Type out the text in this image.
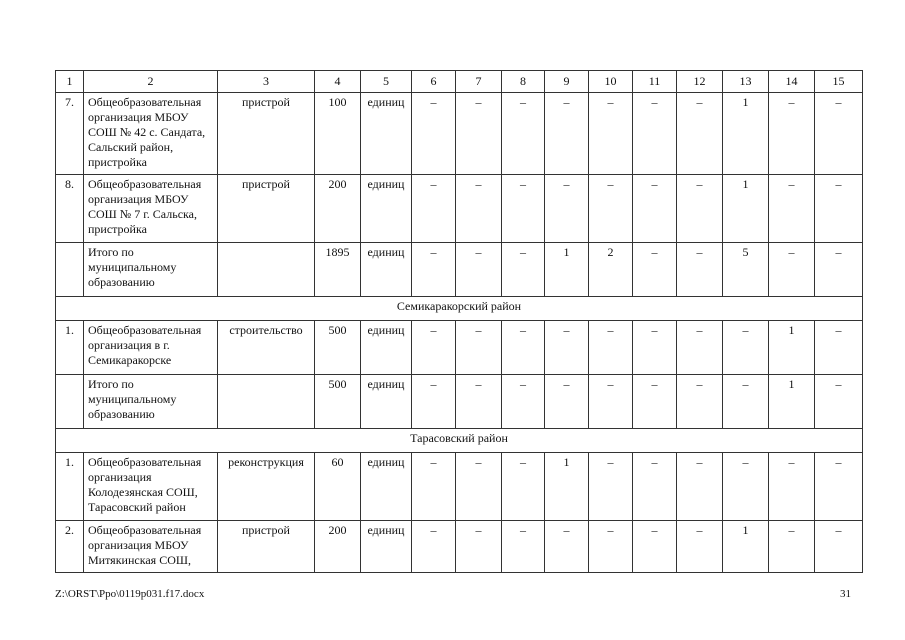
1	2	3	4	5	6	7	8	9	10	11	12	13	14	15
7.	Общеобразовательная организация МБОУ СОШ № 42 с. Сандата, Сальский район, пристройка	пристрой	100	единиц	–	–	–	–	–	–	–	1	–	–
8.	Общеобразовательная организация МБОУ СОШ № 7 г. Сальска, пристройка	пристрой	200	единиц	–	–	–	–	–	–	–	1	–	–
	Итого по муниципальному образованию		1895	единиц	–	–	–	1	2	–	–	5	–	–
Семикаракорский район														
1.	Общеобразовательная организация в г. Семикаракорске	строительство	500	единиц	–	–	–	–	–	–	–	–	1	–
	Итого по муниципальному образованию		500	единиц	–	–	–	–	–	–	–	–	1	–
Тарасовский район														
1.	Общеобразовательная организация Колодезянская СОШ, Тарасовский район	реконструкция	60	единиц	–	–	–	1	–	–	–	–	–	–
2.	Общеобразовательная организация МБОУ Митякинская СОШ,	пристрой	200	единиц	–	–	–	–	–	–	–	1	–	–
Z:\ORST\Ppo\0119p031.f17.docx	31
